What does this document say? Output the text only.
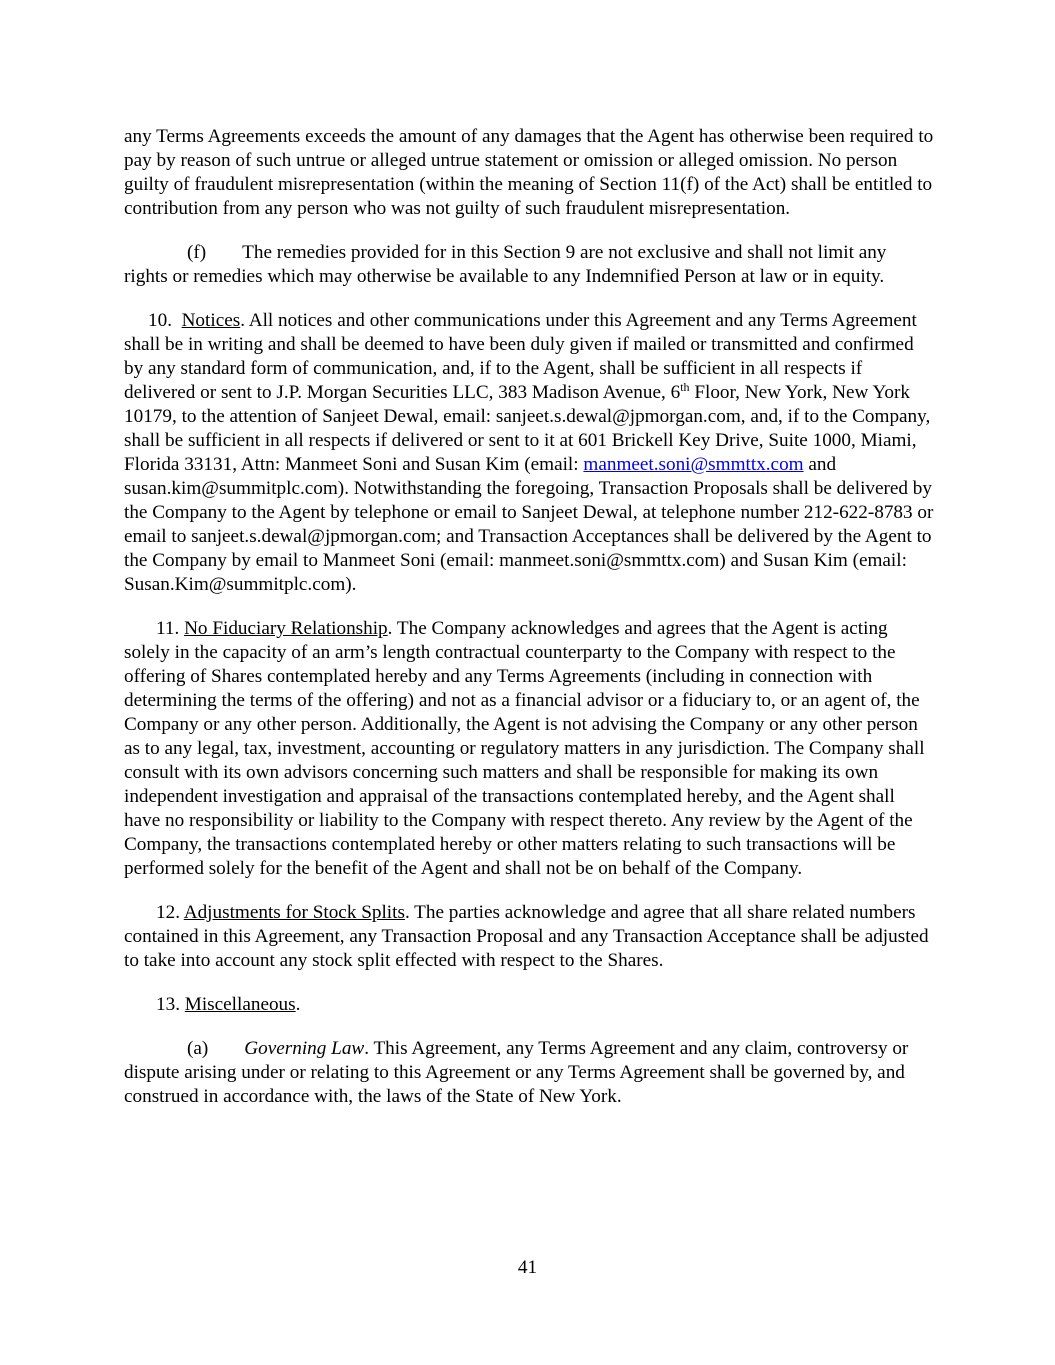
any Terms Agreements exceeds the amount of any damages that the Agent has otherwise been required to pay by reason of such untrue or alleged untrue statement or omission or alleged omission. No person guilty of fraudulent misrepresentation (within the meaning of Section 11(f) of the Act) shall be entitled to contribution from any person who was not guilty of such fraudulent misrepresentation.

(f) The remedies provided for in this Section 9 are not exclusive and shall not limit any rights or remedies which may otherwise be available to any Indemnified Person at law or in equity.

10. Notices. All notices and other communications under this Agreement and any Terms Agreement shall be in writing and shall be deemed to have been duly given if mailed or transmitted and confirmed by any standard form of communication, and, if to the Agent, shall be sufficient in all respects if delivered or sent to J.P. Morgan Securities LLC, 383 Madison Avenue, 6th Floor, New York, New York 10179, to the attention of Sanjeet Dewal, email: sanjeet.s.dewal@jpmorgan.com, and, if to the Company, shall be sufficient in all respects if delivered or sent to it at 601 Brickell Key Drive, Suite 1000, Miami, Florida 33131, Attn: Manmeet Soni and Susan Kim (email: manmeet.soni@smmttx.com and susan.kim@summitplc.com). Notwithstanding the foregoing, Transaction Proposals shall be delivered by the Company to the Agent by telephone or email to Sanjeet Dewal, at telephone number 212-622-8783 or email to sanjeet.s.dewal@jpmorgan.com; and Transaction Acceptances shall be delivered by the Agent to the Company by email to Manmeet Soni (email: manmeet.soni@smmttx.com) and Susan Kim (email: Susan.Kim@summitplc.com).

11. No Fiduciary Relationship. The Company acknowledges and agrees that the Agent is acting solely in the capacity of an arm’s length contractual counterparty to the Company with respect to the offering of Shares contemplated hereby and any Terms Agreements (including in connection with determining the terms of the offering) and not as a financial advisor or a fiduciary to, or an agent of, the Company or any other person. Additionally, the Agent is not advising the Company or any other person as to any legal, tax, investment, accounting or regulatory matters in any jurisdiction. The Company shall consult with its own advisors concerning such matters and shall be responsible for making its own independent investigation and appraisal of the transactions contemplated hereby, and the Agent shall have no responsibility or liability to the Company with respect thereto. Any review by the Agent of the Company, the transactions contemplated hereby or other matters relating to such transactions will be performed solely for the benefit of the Agent and shall not be on behalf of the Company.

12. Adjustments for Stock Splits. The parties acknowledge and agree that all share related numbers contained in this Agreement, any Transaction Proposal and any Transaction Acceptance shall be adjusted to take into account any stock split effected with respect to the Shares.

13. Miscellaneous.

(a) Governing Law. This Agreement, any Terms Agreement and any claim, controversy or dispute arising under or relating to this Agreement or any Terms Agreement shall be governed by, and construed in accordance with, the laws of the State of New York.

41
